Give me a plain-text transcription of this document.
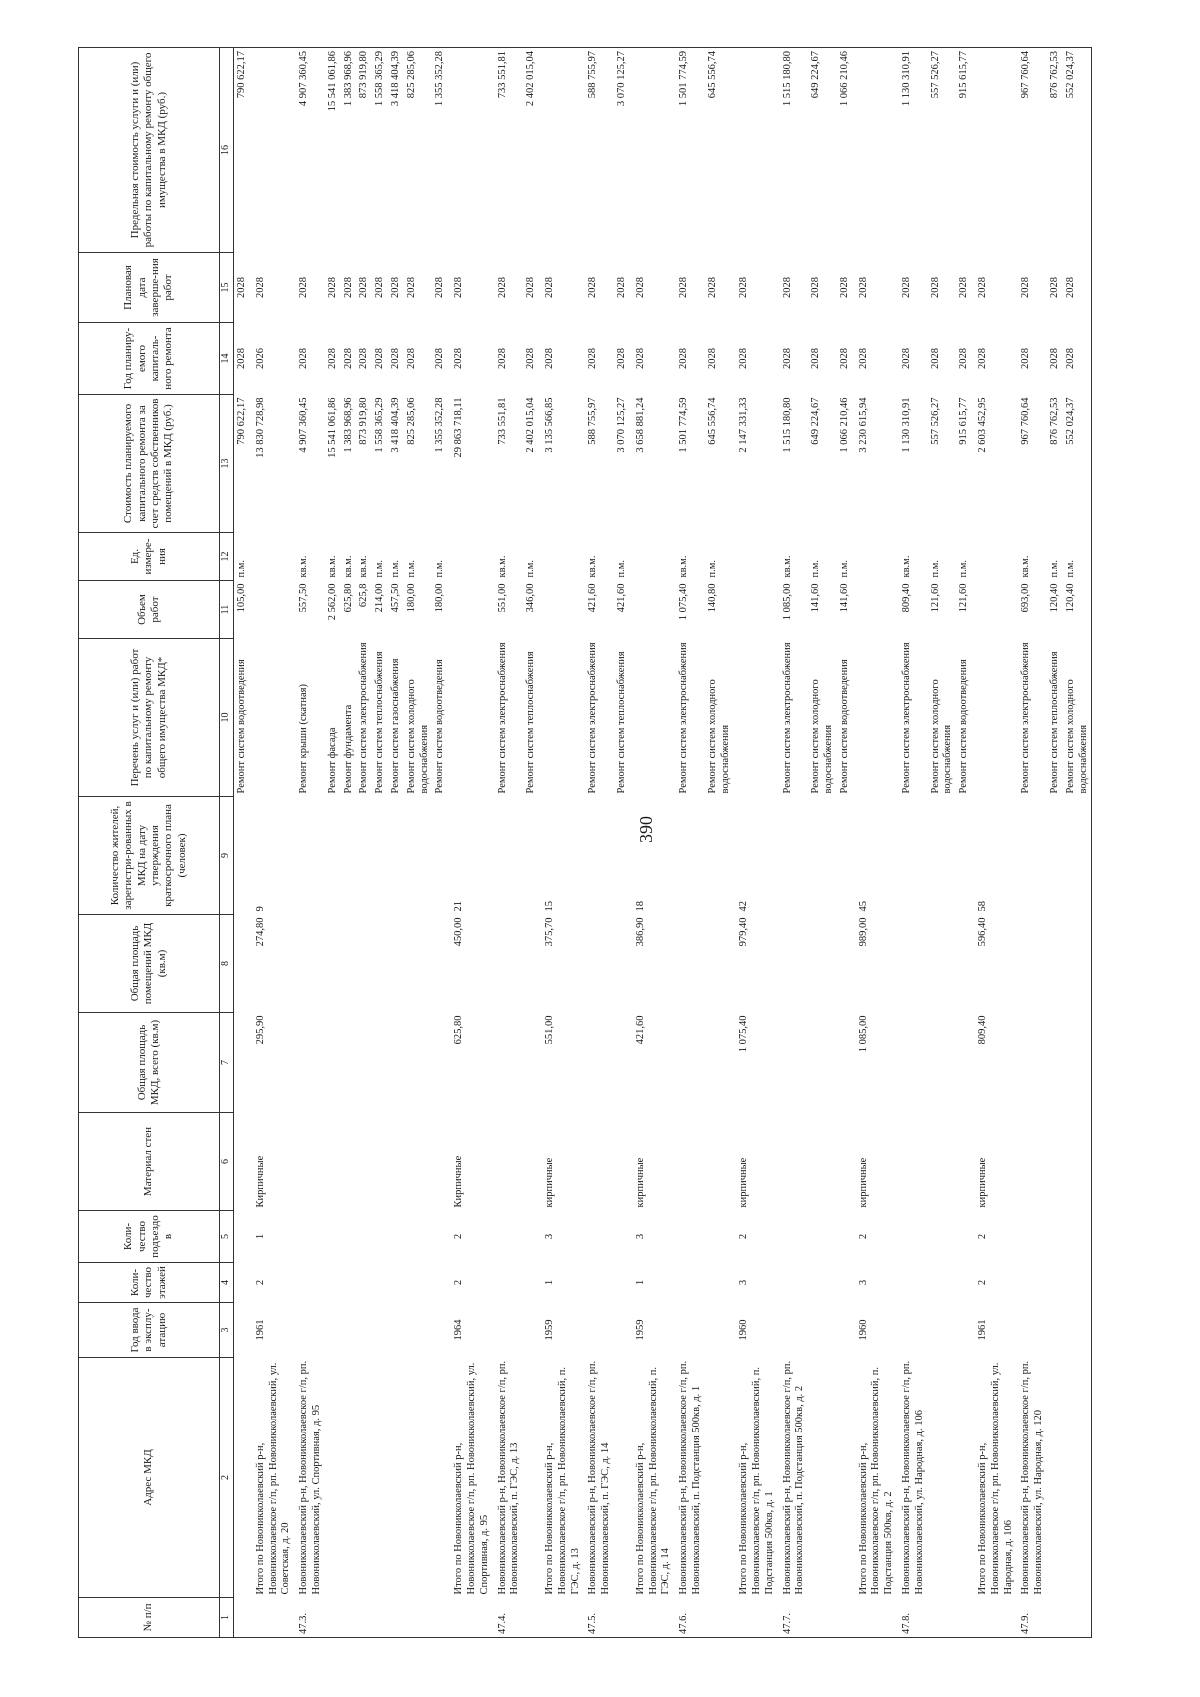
390
№ п/п	Адрес МКД	Год ввода в эксплу-атацию	Коли-чество этажей	Коли-чество подъездов	Материал стен	Общая площадь МКД, всего (кв.м)	Общая площадь помещений МКД (кв.м)	Количество жителей, зарегистри-рованных в МКД на дату утверждения краткосрочного плана (человек)	Перечень услуг и (или) работ по капитальному ремонту общего имущества МКД*	Объем работ	Ед. измере-ния	Стоимость планируемого капитального ремонта за счет средств собственников помещений в МКД (руб.)	Год планиру-емого капиталь-ного ремонта	Плановая дата заверше-ния работ	Предельная стоимость услуги и (или) работы по капитальному ремонту общего имущества в МКД (руб.)
1	2	3	4	5	6	7	8	9	10	11	12	13	14	15	16
									Ремонт систем водоотведения	105,00	п.м.	790 622,17	2028	2028	790 622,17
	Итого по Новоникколаевский р-н, Новоникколаевское г/п, рп. Новоникколаевский, ул. Советская, д. 20	1961	2	1	Кирпичные	295,90	274,80	9				13 830 728,98	2026	2028	
47.3.	Новоникколаевский р-н, Новоникколаевское г/п, рп. Новоникколаевский, ул. Спортивная, д. 95								Ремонт крыши (скатная)	557,50	кв.м.	4 907 360,45	2028	2028	4 907 360,45
									Ремонт фасада	2 562,00	кв.м.	15 541 061,86	2028	2028	15 541 061,86
									Ремонт фундамента	625,80	кв.м.	1 383 968,96	2028	2028	1 383 968,96
									Ремонт систем электроснабжения	625,8	кв.м.	873 919,80	2028	2028	873 919,80
									Ремонт систем теплоснабжения	214,00	п.м.	1 558 365,29	2028	2028	1 558 365,29
									Ремонт систем газоснабжения	457,50	п.м.	3 418 404,39	2028	2028	3 418 404,39
									Ремонт систем холодного водоснабжения	180,00	п.м.	825 285,06	2028	2028	825 285,06
									Ремонт систем водоотведения	180,00	п.м.	1 355 352,28	2028	2028	1 355 352,28
	Итого по Новоникколаевский р-н, Новоникколаевское г/п, рп. Новоникколаевский, ул. Спортивная, д. 95	1964	2	2	Кирпичные	625,80	450,00	21				29 863 718,11	2028	2028	
47.4.	Новоникколаевский р-н, Новоникколаевское г/п, рп. Новоникколаевский, п. ГЭС, д. 13								Ремонт систем электроснабжения	551,00	кв.м.	733 551,81	2028	2028	733 551,81
									Ремонт систем теплоснабжения	346,00	п.м.	2 402 015,04	2028	2028	2 402 015,04
	Итого по Новоникколаевский р-н, Новоникколаевское г/п, рп. Новоникколаевский, п. ГЭС, д. 13	1959	1	3	кирпичные	551,00	375,70	15				3 135 566,85	2028	2028	
47.5.	Новоникколаевский р-н, Новоникколаевское г/п, рп. Новоникколаевский, п. ГЭС, д. 14								Ремонт систем электроснабжения	421,60	кв.м.	588 755,97	2028	2028	588 755,97
									Ремонт систем теплоснабжения	421,60	п.м.	3 070 125,27	2028	2028	3 070 125,27
	Итого по Новоникколаевский р-н, Новоникколаевское г/п, рп. Новоникколаевский, п. ГЭС, д. 14	1959	1	3	кирпичные	421,60	386,90	18				3 658 881,24	2028	2028	
47.6.	Новоникколаевский р-н, Новоникколаевское г/п, рп. Новоникколаевский, п. Подстанция 500кв, д. 1								Ремонт систем электроснабжения	1 075,40	кв.м.	1 501 774,59	2028	2028	1 501 774,59
									Ремонт систем холодного водоснабжения	140,80	п.м.	645 556,74	2028	2028	645 556,74
	Итого по Новоникколаевский р-н, Новоникколаевское г/п, рп. Новоникколаевский, п. Подстанция 500кв, д. 1	1960	3	2	кирпичные	1 075,40	979,40	42				2 147 331,33	2028	2028	
47.7.	Новоникколаевский р-н, Новоникколаевское г/п, рп. Новоникколаевский, п. Подстанция 500кв, д. 2								Ремонт систем электроснабжения	1 085,00	кв.м.	1 515 180,80	2028	2028	1 515 180,80
									Ремонт систем холодного водоснабжения	141,60	п.м.	649 224,67	2028	2028	649 224,67
									Ремонт систем водоотведения	141,60	п.м.	1 066 210,46	2028	2028	1 066 210,46
	Итого по Новоникколаевский р-н, Новоникколаевское г/п, рп. Новоникколаевский, п. Подстанция 500кв, д. 2	1960	3	2	кирпичные	1 085,00	989,00	45				3 230 615,94	2028	2028	
47.8.	Новоникколаевский р-н, Новоникколаевское г/п, рп. Новоникколаевский, ул. Народная, д. 106								Ремонт систем электроснабжения	809,40	кв.м.	1 130 310,91	2028	2028	1 130 310,91
									Ремонт систем холодного водоснабжения	121,60	п.м.	557 526,27	2028	2028	557 526,27
									Ремонт систем водоотведения	121,60	п.м.	915 615,77	2028	2028	915 615,77
	Итого по Новоникколаевский р-н, Новоникколаевское г/п, рп. Новоникколаевский, ул. Народная, д. 106	1961	2	2	кирпичные	809,40	596,40	58				2 603 452,95	2028	2028	
47.9.	Новоникколаевский р-н, Новоникколаевское г/п, рп. Новоникколаевский, ул. Народная, д. 120								Ремонт систем электроснабжения	693,00	кв.м.	967 760,64	2028	2028	967 760,64
									Ремонт систем теплоснабжения	120,40	п.м.	876 762,53	2028	2028	876 762,53
									Ремонт систем холодного водоснабжения	120,40	п.м.	552 024,37	2028	2028	552 024,37
